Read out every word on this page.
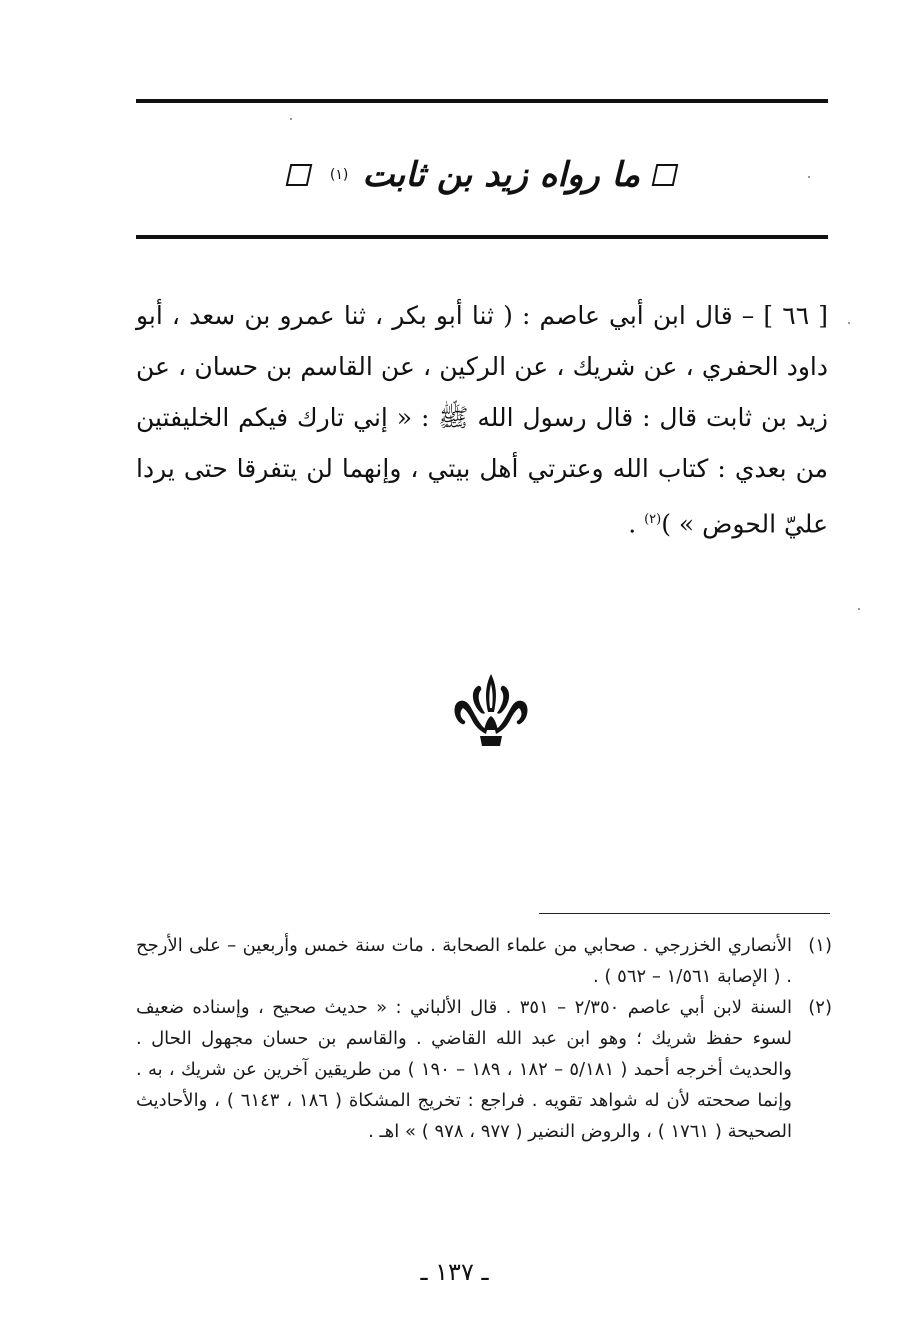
ما رواه زيد بن ثابت
(١)

[ ٦٦ ] – قال ابن أبي عاصم : ( ثنا أبو بكر ، ثنا عمرو بن سعد ، أبو داود الحفري ، عن شريك ، عن الركين ، عن القاسم بن حسان ، عن زيد بن ثابت قال : قال رسول الله ﷺ : « إني تارك فيكم الخليفتين من بعدي : كتاب الله وعترتي أهل بيتي ، وإنهما لن يتفرقا حتى يردا عليّ الحوض » )$^{(٢)}$ .

(١)
الأنصاري الخزرجي . صحابي من علماء الصحابة . مات سنة خمس وأربعين – على الأرجح . ( الإصابة ١/٥٦١ – ٥٦٢ ) .
(٢)
السنة لابن أبي عاصم ٢/٣٥٠ – ٣٥١ . قال الألباني : « حديث صحيح ، وإسناده ضعيف لسوء حفظ شريك ؛ وهو ابن عبد الله القاضي . والقاسم بن حسان مجهول الحال . والحديث أخرجه أحمد ( ٥/١٨١ – ١٨٢ ، ١٨٩ – ١٩٠ ) من طريقين آخرين عن شريك ، به . وإنما صححته لأن له شواهد تقويه . فراجع : تخريج المشكاة ( ١٨٦ ، ٦١٤٣ ) ، والأحاديث الصحيحة ( ١٧٦١ ) ، والروض النضير ( ٩٧٧ ، ٩٧٨ ) » اهـ .
ـ ١٣٧ ـ
